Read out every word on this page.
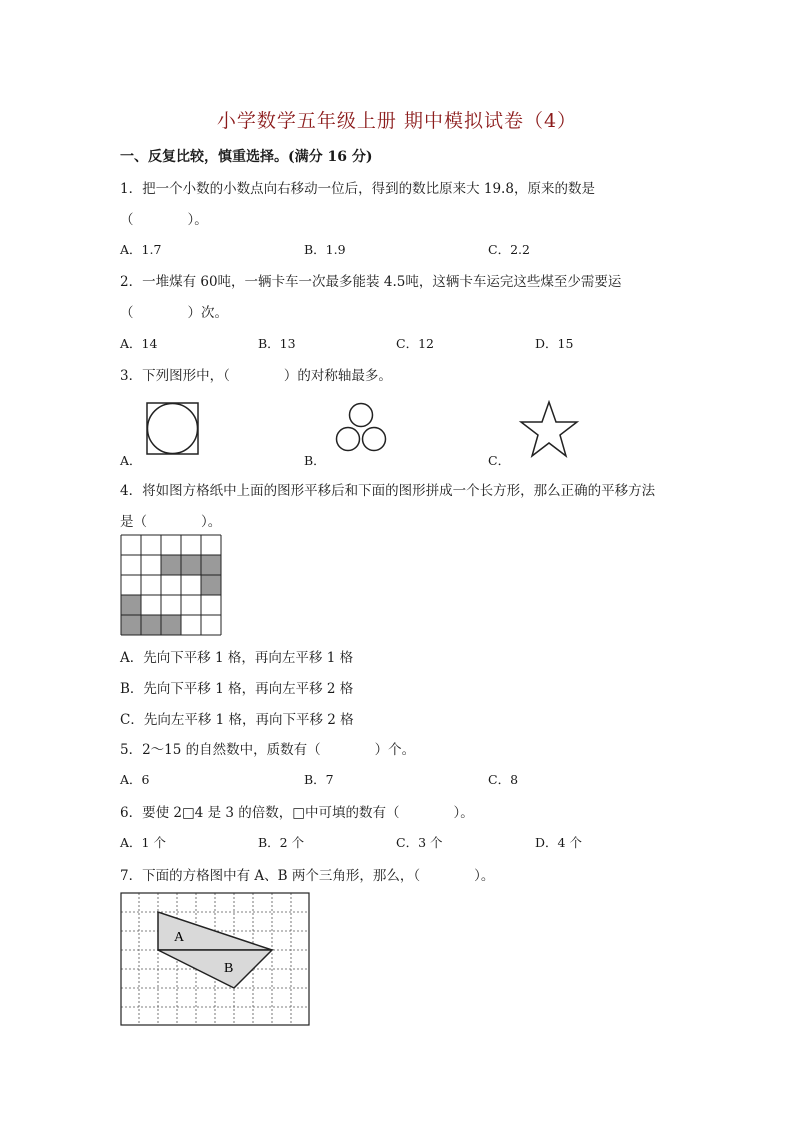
小学数学五年级上册 期中模拟试卷（4）
一、反复比较，慎重选择。(满分 16 分)
1．把一个小数的小数点向右移动一位后，得到的数比原来大 19.8，原来的数是
（　　　　）。
A．1.7	B．1.9	C．2.2
2．一堆煤有 60吨，一辆卡车一次最多能装 4.5吨，这辆卡车运完这些煤至少需要运
（　　　　）次。
A．14	B．13	C．12	D．15
3．下列图形中，（　　　　）的对称轴最多。
A．	B．	C．
4．将如图方格纸中上面的图形平移后和下面的图形拼成一个长方形，那么正确的平移方法
是（　　　　）。
A．先向下平移 1 格，再向左平移 1 格
B．先向下平移 1 格，再向左平移 2 格
C．先向左平移 1 格，再向下平移 2 格
5．2～15 的自然数中，质数有（　　　　）个。
A．6	B．7	C．8
6．要使 2□4 是 3 的倍数，□中可填的数有（　　　　）。
A．1 个	B．2 个	C．3 个	D．4 个
7．下面的方格图中有 A、B 两个三角形，那么，（　　　　）。
A
B
